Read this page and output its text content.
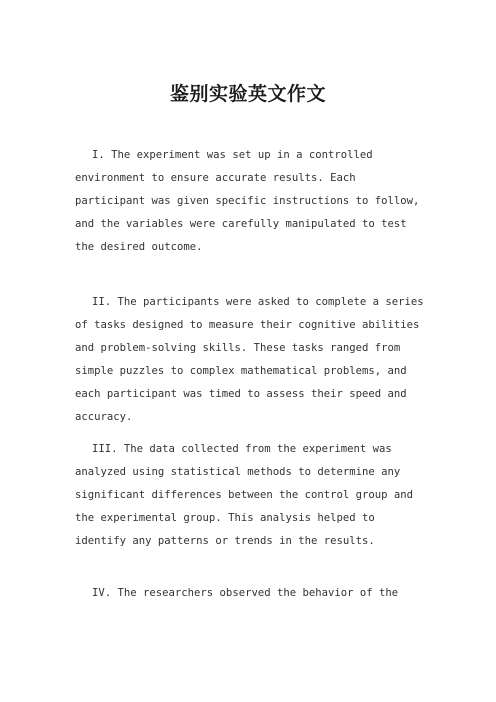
鉴别实验英文作文

I. The experiment was set up in a controlled environment to ensure accurate results. Each participant was given specific instructions to follow, and the variables were carefully manipulated to test the desired outcome.

II. The participants were asked to complete a series of tasks designed to measure their cognitive abilities and problem-solving skills. These tasks ranged from simple puzzles to complex mathematical problems, and each participant was timed to assess their speed and accuracy.

III. The data collected from the experiment was analyzed using statistical methods to determine any significant differences between the control group and the experimental group. This analysis helped to identify any patterns or trends in the results.

IV. The researchers observed the behavior of the
